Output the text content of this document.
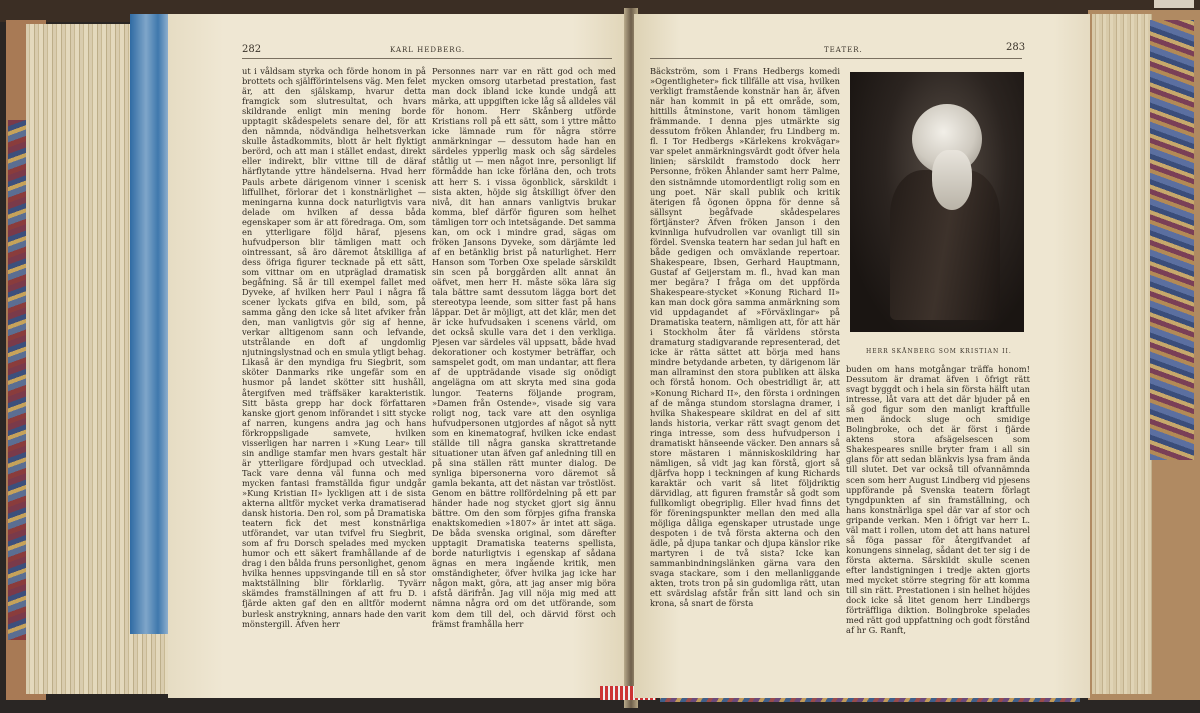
282	KARL HEDBERG.
ut i våldsam styrka och förde honom in på brottets och själfförintelsens väg. Men felet är, att den själskamp, hvarur detta framgick som slutresultat, och hvars skildrande enligt min mening borde upptagit skådespelets senare del, för att den nämnda, nödvändiga helhetsverkan skulle åstadkommits, blott är helt flyktigt berörd, och att man i stället endast, direkt eller indirekt, blir vittne till de däraf härflytande yttre händelserna. Hvad herr Pauls arbete därigenom vinner i scenisk liffullhet, förlorar det i konstnärlighet — meningarna kunna dock naturligtvis vara delade om hvilken af dessa båda egenskaper som är att föredraga. Om, som en ytterligare följd häraf, pjesens hufvudperson blir tämligen matt och ointressant, så äro däremot åtskilliga af dess öfriga figurer tecknade på ett sätt, som vittnar om en utpräglad dramatisk begåfning. Så är till exempel fallet med Dyveke, af hvilken herr Paul i några få scener lyckats gifva en bild, som, på samma gång den icke så litet afviker från den, man vanligtvis gör sig af henne, verkar alltigenom sann och lefvande, utstrålande en doft af ungdomlig njutningslystnad och en smula ytligt behag. Likaså är den myndiga fru Siegbrit, som sköter Danmarks rike ungefär som en husmor på landet skötter sitt hushåll, återgifven med träffsäker karakteristik. Sitt bästa grepp har dock författaren kanske gjort genom införandet i sitt stycke af narren, kungens andra jag och hans förkroppsligade samvete, hvilken visserligen har narren i »Kung Lear» till sin andlige stamfar men hvars gestalt här är ytterligare fördjupad och utvecklad. Tack vare denna väl funna och med mycken fantasi framställda figur undgår »Kung Kristian II» lyckligen att i de sista akterna alltför mycket verka dramatiserad dansk historia. Den rol, som på Dramatiska teatern fick det mest konstnärliga utförandet, var utan tvifvel fru Siegbrit, som af fru Dorsch spelades med mycken humor och ett säkert framhållande af de drag i den bålda fruns personlighet, genom hvilka hennes uppsvingande till en så stor maktställning blir förklarlig. Tyvärr skämdes framställningen af att fru D. i fjärde akten gaf den en alltför modernt burlesk anstrykning, annars hade den varit mönstergill. Äfven herr
Personnes narr var en rätt god och med mycken omsorg utarbetad prestation, fast man dock ibland icke kunde undgå att märka, att uppgiften icke låg så alldeles väl för honom. Herr Skånberg utförde Kristians roll på ett sätt, som i yttre måtto icke lämnade rum för några större anmärkningar — dessutom hade han en särdeles ypperlig mask och såg särdeles ståtlig ut — men något inre, personligt lif förmådde han icke förläna den, och trots att herr S. i vissa ögonblick, särskildt i sista akten, höjde sig åtskilligt öfver den nivå, dit han annars vanligtvis brukar komma, blef därför figuren som helhet tämligen torr och intetsägande. Det samma kan, om ock i mindre grad, sägas om fröken Jansons Dyveke, som därjämte led af en betänklig brist på naturlighet. Herr Hanson som Torben Oxe spelade särskildt sin scen på borggården allt annat än oäfvet, men herr H. måste söka lära sig tala bättre samt dessutom lägga bort det stereotypa leende, som sitter fast på hans läppar. Det är möjligt, att det klär, men det är icke hufvudsaken i scenens värld, om det också skulle vara det i den verkliga. Pjesen var särdeles väl uppsatt, både hvad dekorationer och kostymer beträffar, och samspelet godt, om man undantar, att flera af de uppträdande visade sig onödigt angelägna om att skryta med sina goda lungor. Teaterns följande program, »Damen från Ostende», visade sig vara roligt nog, tack vare att den osynliga hufvudpersonen utgjordes af något så nytt som en kinematograf, hvilken icke endast ställde till några ganska skrattretande situationer utan äfven gaf anledning till en på sina ställen rätt munter dialog. De synliga bipersonerna voro däremot så gamla bekanta, att det nästan var tröstlöst. Genom en bättre rollfördelning på ett par händer hade nog stycket gjort sig ännu bättre. Om den som förpjes gifna franska enaktskomedien »1807» är intet att säga. De båda svenska original, som därefter upptagit Dramatiska teaterns spellista, borde naturligtvis i egenskap af sådana ägnas en mera ingående kritik, men omständigheter, öfver hvilka jag icke har någon makt, göra, att jag anser mig böra afstå därifrån. Jag vill nöja mig med att nämna några ord om det utförande, som kom dem till del, och därvid först och främst framhålla herr
TEATER.	283
Bäckström, som i Frans Hedbergs komedi »Ogentligheter» fick tillfälle att visa, hvilken verkligt framstående konstnär han är, äfven när han kommit in på ett område, som, hittills åtminstone, varit honom tämligen främmande. I denna pjes utmärkte sig dessutom fröken Åhlander, fru Lindberg m. fl. I Tor Hedbergs »Kärlekens krokvägar» var spelet anmärkningsvärdt godt öfver hela linien; särskildt framstodo dock herr Personne, fröken Åhlander samt herr Palme, den sistnämnde utomordentligt rolig som en ung poet. När skall publik och kritik äterigen få ögonen öppna för denne så sällsynt begåfvade skådespelares förtjänster? Äfven fröken Janson i den kvinnliga hufvudrollen var ovanligt till sin fördel. Svenska teatern har sedan jul haft en både gedigen och omväxlande repertoar. Shakespeare, Ibsen, Gerhard Hauptmann, Gustaf af Geijerstam m. fl., hvad kan man mer begära? I fråga om det uppförda Shakespeare-stycket »Konung Richard II» kan man dock göra samma anmärkning som vid uppdagandet af »Förväxlingar» på Dramatiska teatern, nämligen att, för att här i Stockholm åter få världens största dramaturg stadigvarande representerad, det icke är rätta sättet att börja med hans mindre betydande arbeten, ty därigenom lär man allraminst den stora publiken att älska och förstå honom. Och obestridligt är, att »Konung Richard II», den första i ordningen af de många stundom storslagna dramer, i hvilka Shakespeare skildrat en del af sitt lands historia, verkar rätt svagt genom det ringa intresse, som dess hufvudperson i dramatiskt hänseende väcker. Den annars så store mästaren i människoskildring har nämligen, så vidt jag kan förstå, gjort så djärfva hopp i teckningen af kung Richards karaktär och varit så litet följdriktig därvidlag, att figuren framstår så godt som fullkomligt obegriplig. Eller hvad finns det för föreningspunkter mellan den med alla möjliga dåliga egenskaper utrustade unge despoten i de två första akterna och den ädle, på djupa tankar och djupa känslor rike martyren i de två sista? Icke kan sammanbindningslänken gärna vara den svaga stackare, som i den mellanliggande akten, trots tron på sin gudomliga rätt, utan ett svärdslag afstår från sitt land och sin krona, så snart de första
HERR SKÅNBERG SOM KRISTIAN II.
buden om hans motgångar träffa honom! Dessutom är dramat äfven i öfrigt rätt svagt byggdt och i hela sin första hälft utan intresse, låt vara att det där bjuder på en så god figur som den manligt kraftfulle men ändock sluge och smidige Bolingbroke, och det är först i fjärde aktens stora afsägelsescen som Shakespeares snille bryter fram i all sin glans för att sedan blänkvis lysa fram ända till slutet. Det var också till ofvannämnda scen som herr August Lindberg vid pjesens uppförande på Svenska teatern förlagt tyngdpunkten af sin framställning, och hans konstnärliga spel där var af stor och gripande verkan. Men i öfrigt var herr L. väl matt i rollen, utom det att hans naturel så föga passar för återgifvandet af konungens sinnelag, sådant det ter sig i de första akterna. Särskildt skulle scenen efter landstigningen i tredje akten gjorts med mycket större stegring för att komma till sin rätt. Prestationen i sin helhet höjdes dock icke så litet genom herr Lindbergs förträffliga diktion. Bolingbroke spelades med rätt god uppfattning och godt förstånd af hr G. Ranft,
